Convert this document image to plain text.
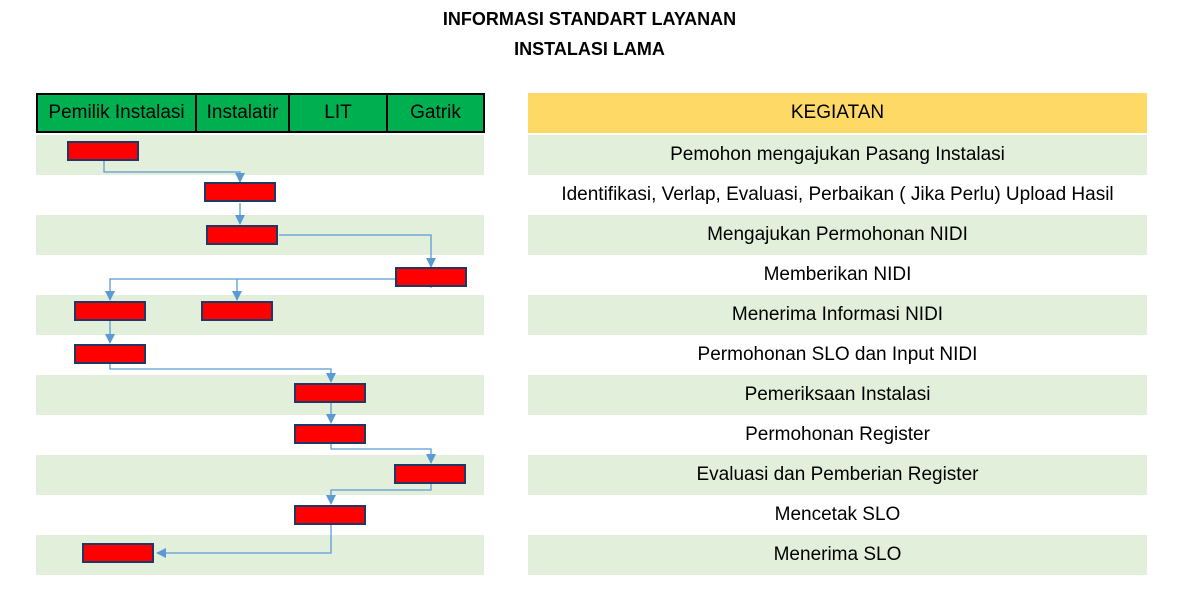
INFORMASI STANDART LAYANAN
INSTALASI LAMA
Pemilik Instalasi	Instalatir	LIT	Gatrik	KEGIATAN
Pemohon mengajukan Pasang Instalasi
Identifikasi, Verlap, Evaluasi, Perbaikan ( Jika Perlu) Upload Hasil
Mengajukan Permohonan NIDI
Memberikan NIDI
Menerima Informasi NIDI
Permohonan SLO dan Input NIDI
Pemeriksaan Instalasi
Permohonan Register
Evaluasi dan Pemberian Register
Mencetak SLO
Menerima SLO
